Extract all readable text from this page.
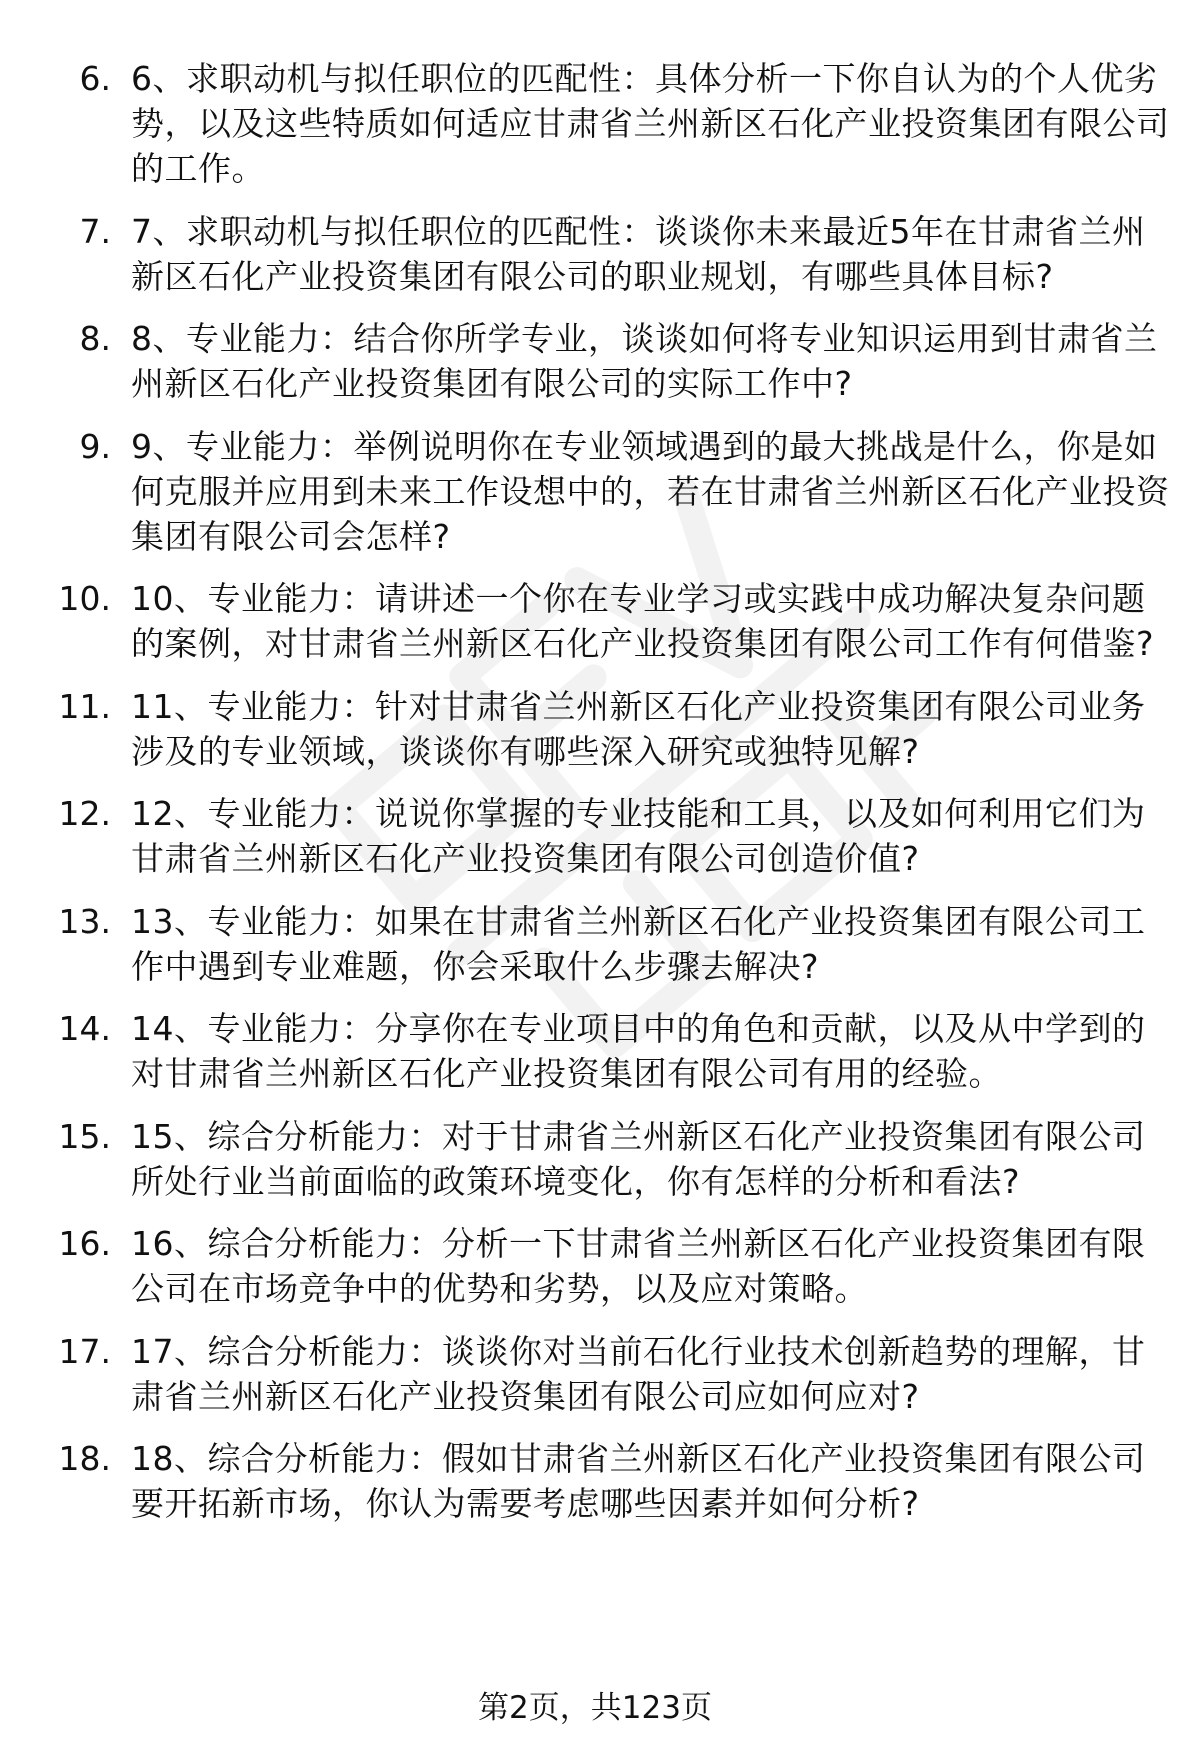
6. 6、求职动机与拟任职位的匹配性：具体分析一下你自认为的个人优劣势，以及这些特质如何适应甘肃省兰州新区石化产业投资集团有限公司的工作。
7. 7、求职动机与拟任职位的匹配性：谈谈你未来最近5年在甘肃省兰州新区石化产业投资集团有限公司的职业规划，有哪些具体目标?
8. 8、专业能力：结合你所学专业，谈谈如何将专业知识运用到甘肃省兰州新区石化产业投资集团有限公司的实际工作中?
9. 9、专业能力：举例说明你在专业领域遇到的最大挑战是什么，你是如何克服并应用到未来工作设想中的，若在甘肃省兰州新区石化产业投资集团有限公司会怎样?
10. 10、专业能力：请讲述一个你在专业学习或实践中成功解决复杂问题的案例，对甘肃省兰州新区石化产业投资集团有限公司工作有何借鉴?
11. 11、专业能力：针对甘肃省兰州新区石化产业投资集团有限公司业务涉及的专业领域，谈谈你有哪些深入研究或独特见解?
12. 12、专业能力：说说你掌握的专业技能和工具，以及如何利用它们为甘肃省兰州新区石化产业投资集团有限公司创造价值?
13. 13、专业能力：如果在甘肃省兰州新区石化产业投资集团有限公司工作中遇到专业难题，你会采取什么步骤去解决?
14. 14、专业能力：分享你在专业项目中的角色和贡献，以及从中学到的对甘肃省兰州新区石化产业投资集团有限公司有用的经验。
15. 15、综合分析能力：对于甘肃省兰州新区石化产业投资集团有限公司所处行业当前面临的政策环境变化，你有怎样的分析和看法?
16. 16、综合分析能力：分析一下甘肃省兰州新区石化产业投资集团有限公司在市场竞争中的优势和劣势，以及应对策略。
17. 17、综合分析能力：谈谈你对当前石化行业技术创新趋势的理解，甘肃省兰州新区石化产业投资集团有限公司应如何应对?
18. 18、综合分析能力：假如甘肃省兰州新区石化产业投资集团有限公司要开拓新市场，你认为需要考虑哪些因素并如何分析?
第2页，共123页
